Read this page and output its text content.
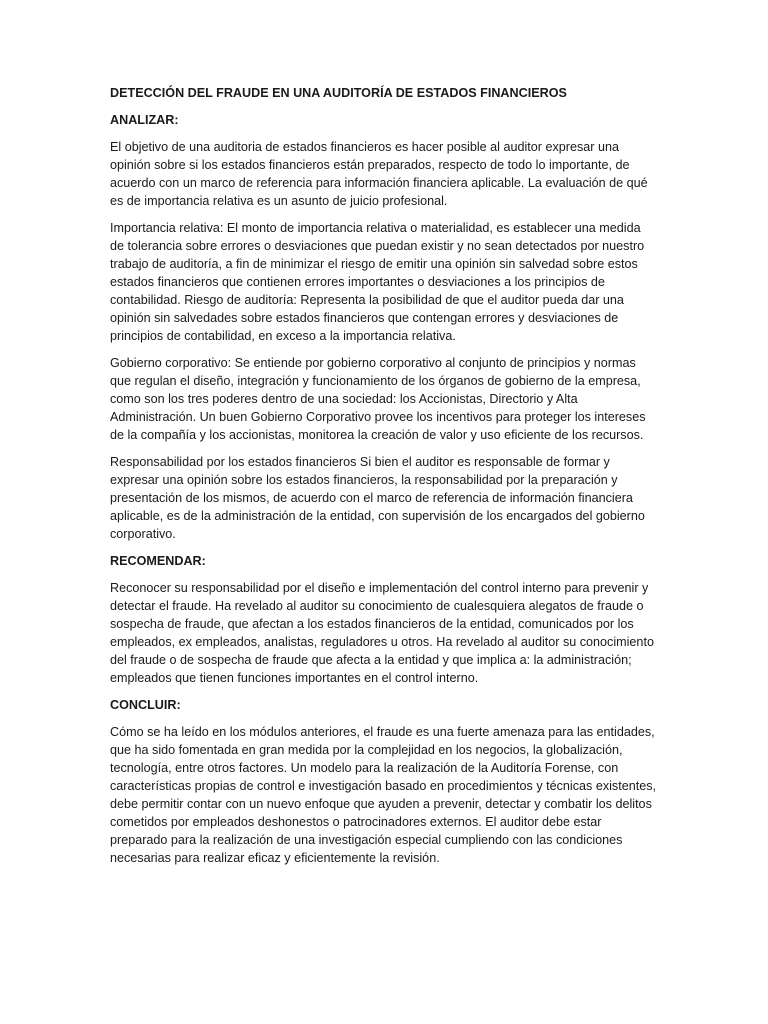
DETECCIÓN DEL FRAUDE EN UNA AUDITORÍA DE ESTADOS FINANCIEROS

ANALIZAR:

El objetivo de una auditoria de estados financieros es hacer posible al auditor expresar una opinión sobre si los estados financieros están preparados, respecto de todo lo importante, de acuerdo con un marco de referencia para información financiera aplicable. La evaluación de qué es de importancia relativa es un asunto de juicio profesional.

Importancia relativa: El monto de importancia relativa o materialidad, es establecer una medida de tolerancia sobre errores o desviaciones que puedan existir y no sean detectados por nuestro trabajo de auditoría, a fin de minimizar el riesgo de emitir una opinión sin salvedad sobre estos estados financieros que contienen errores importantes o desviaciones a los principios de contabilidad. Riesgo de auditoría: Representa la posibilidad de que el auditor pueda dar una opinión sin salvedades sobre estados financieros que contengan errores y desviaciones de principios de contabilidad, en exceso a la importancia relativa.

Gobierno corporativo: Se entiende por gobierno corporativo al conjunto de principios y normas que regulan el diseño, integración y funcionamiento de los órganos de gobierno de la empresa, como son los tres poderes dentro de una sociedad: los Accionistas, Directorio y Alta Administración. Un buen Gobierno Corporativo provee los incentivos para proteger los intereses de la compañía y los accionistas, monitorea la creación de valor y uso eficiente de los recursos.

Responsabilidad por los estados financieros Si bien el auditor es responsable de formar y expresar una opinión sobre los estados financieros, la responsabilidad por la preparación y presentación de los mismos, de acuerdo con el marco de referencia de información financiera aplicable, es de la administración de la entidad, con supervisión de los encargados del gobierno corporativo.

RECOMENDAR:

Reconocer su responsabilidad por el diseño e implementación del control interno para prevenir y detectar el fraude. Ha revelado al auditor su conocimiento de cualesquiera alegatos de fraude o sospecha de fraude, que afectan a los estados financieros de la entidad, comunicados por los empleados, ex empleados, analistas, reguladores u otros. Ha revelado al auditor su conocimiento del fraude o de sospecha de fraude que afecta a la entidad y que implica a: la administración; empleados que tienen funciones importantes en el control interno.

CONCLUIR:

Cómo se ha leído en los módulos anteriores, el fraude es una fuerte amenaza para las entidades, que ha sido fomentada en gran medida por la complejidad en los negocios, la globalización, tecnología, entre otros factores. Un modelo para la realización de la Auditoría Forense, con características propias de control e investigación basado en procedimientos y técnicas existentes, debe permitir contar con un nuevo enfoque que ayuden a prevenir, detectar y combatir los delitos cometidos por empleados deshonestos o patrocinadores externos. El auditor debe estar preparado para la realización de una investigación especial cumpliendo con las condiciones necesarias para realizar eficaz y eficientemente la revisión.
